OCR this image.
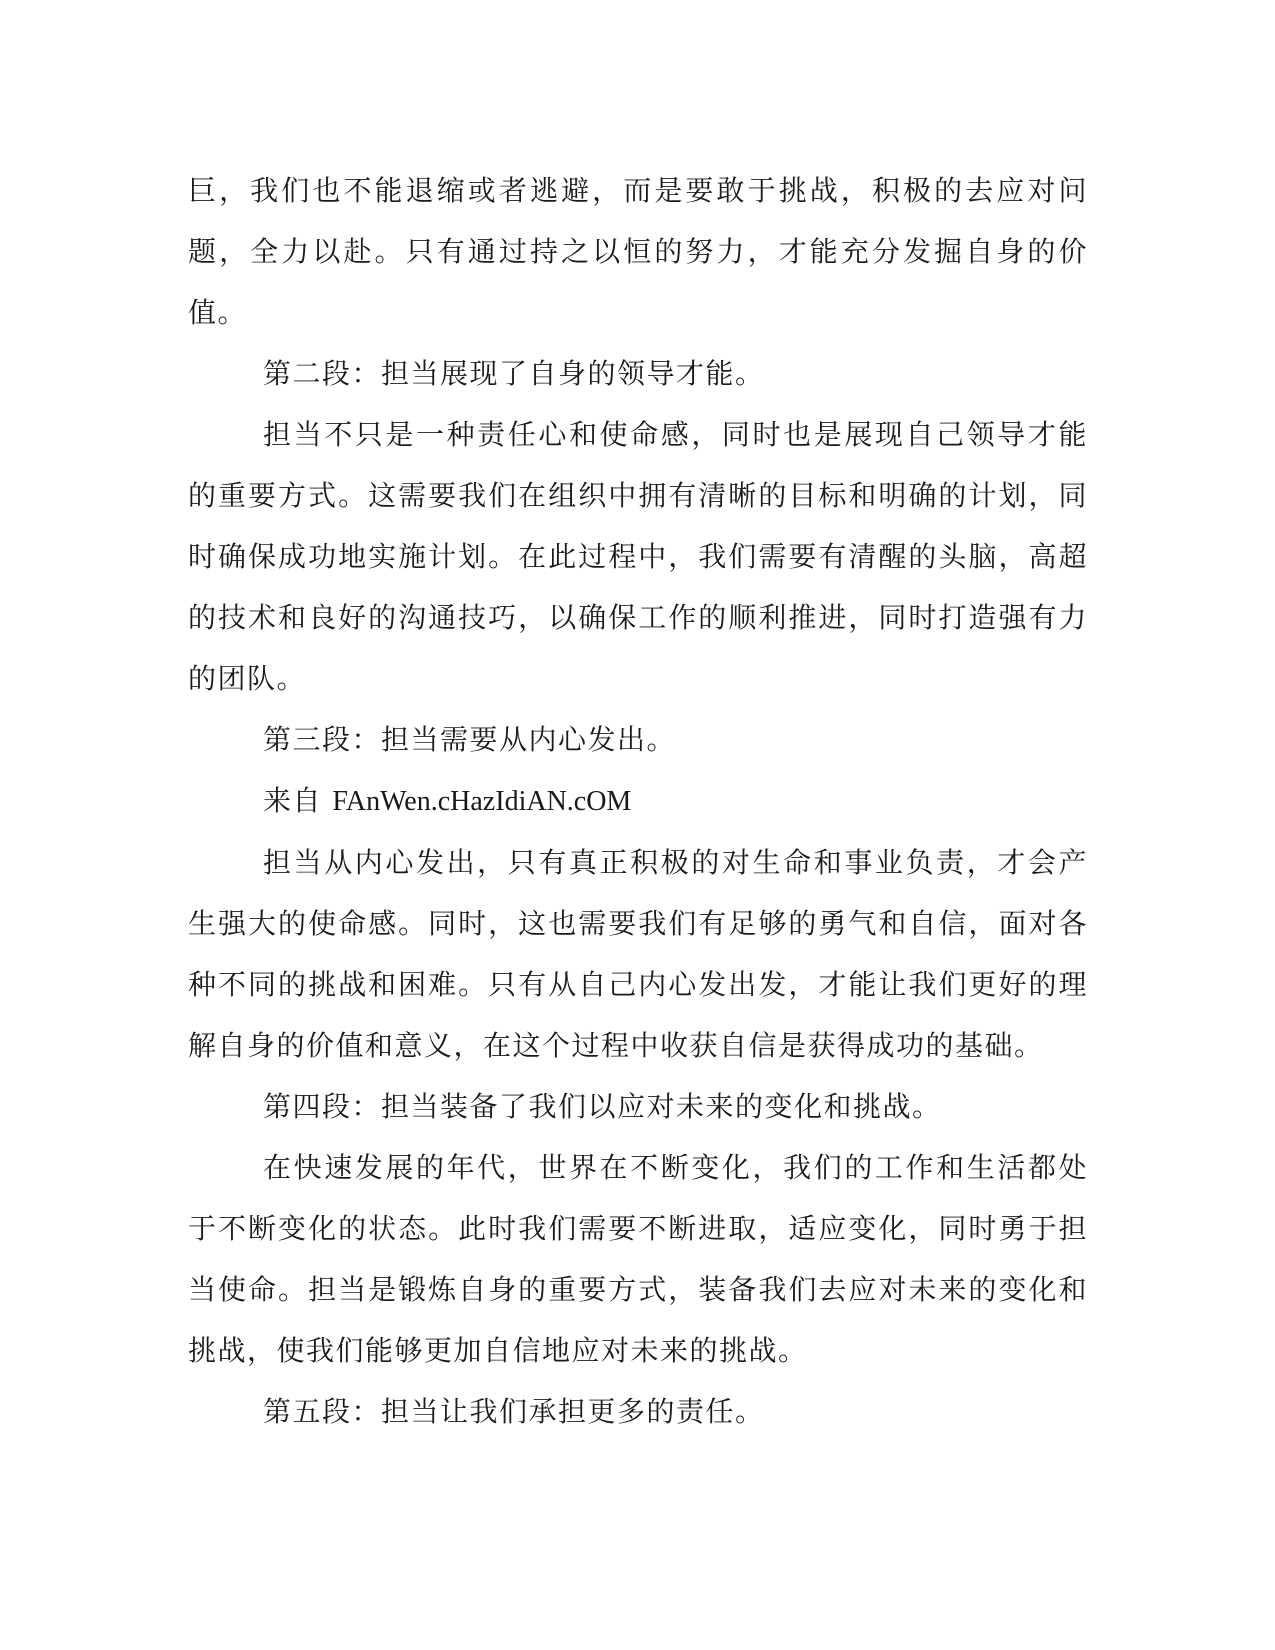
巨，我们也不能退缩或者逃避，而是要敢于挑战，积极的去应对问题，全力以赴。只有通过持之以恒的努力，才能充分发掘自身的价值。

第二段：担当展现了自身的领导才能。

担当不只是一种责任心和使命感，同时也是展现自己领导才能的重要方式。这需要我们在组织中拥有清晰的目标和明确的计划，同时确保成功地实施计划。在此过程中，我们需要有清醒的头脑，高超的技术和良好的沟通技巧，以确保工作的顺利推进，同时打造强有力的团队。

第三段：担当需要从内心发出。

来自 FAnWen.cHazIdiAN.cOM

担当从内心发出，只有真正积极的对生命和事业负责，才会产生强大的使命感。同时，这也需要我们有足够的勇气和自信，面对各种不同的挑战和困难。只有从自己内心发出发，才能让我们更好的理解自身的价值和意义，在这个过程中收获自信是获得成功的基础。

第四段：担当装备了我们以应对未来的变化和挑战。

在快速发展的年代，世界在不断变化，我们的工作和生活都处于不断变化的状态。此时我们需要不断进取，适应变化，同时勇于担当使命。担当是锻炼自身的重要方式，装备我们去应对未来的变化和挑战，使我们能够更加自信地应对未来的挑战。

第五段：担当让我们承担更多的责任。
